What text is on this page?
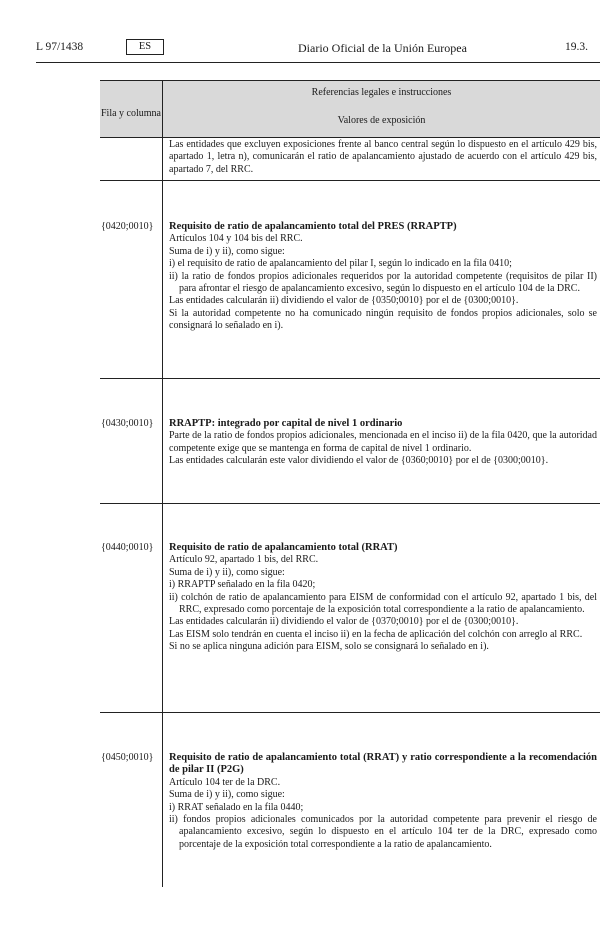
L 97/1438	ES	Diario Oficial de la Unión Europea	19.3.
Referencias legales e instrucciones
Fila y columna
Valores de exposición

Las entidades que excluyen exposiciones frente al banco central según lo dispuesto en el artículo 429 bis, apartado 1, letra n), comunicarán el ratio de apalancamiento ajustado de acuerdo con el artículo 429 bis, apartado 7, del RRC.

{0420;0010}	Requisito de ratio de apalancamiento total del PRES (RRAPTP)

Artículos 104 y 104 bis del RRC.

Suma de i) y ii), como sigue:

i) el requisito de ratio de apalancamiento del pilar I, según lo indicado en la fila 0410;

ii) la ratio de fondos propios adicionales requeridos por la autoridad competente (requisitos de pilar II) para afrontar el riesgo de apalancamiento excesivo, según lo dispuesto en el artículo 104 de la DRC.

Las entidades calcularán ii) dividiendo el valor de {0350;0010} por el de {0300;0010}.

Si la autoridad competente no ha comunicado ningún requisito de fondos propios adicionales, solo se consignará lo señalado en i).

{0430;0010}	RRAPTP: integrado por capital de nivel 1 ordinario

Parte de la ratio de fondos propios adicionales, mencionada en el inciso ii) de la fila 0420, que la autoridad competente exige que se mantenga en forma de capital de nivel 1 ordinario.

Las entidades calcularán este valor dividiendo el valor de {0360;0010} por el de {0300;0010}.

{0440;0010}	Requisito de ratio de apalancamiento total (RRAT)

Artículo 92, apartado 1 bis, del RRC.

Suma de i) y ii), como sigue:

i) RRAPTP señalado en la fila 0420;

ii) colchón de ratio de apalancamiento para EISM de conformidad con el artículo 92, apartado 1 bis, del RRC, expresado como porcentaje de la exposición total correspondiente a la ratio de apalancamiento.

Las entidades calcularán ii) dividiendo el valor de {0370;0010} por el de {0300;0010}.

Las EISM solo tendrán en cuenta el inciso ii) en la fecha de aplicación del colchón con arreglo al RRC.

Si no se aplica ninguna adición para EISM, solo se consignará lo señalado en i).

{0450;0010}	Requisito de ratio de apalancamiento total (RRAT) y ratio correspondiente a la recomendación de pilar II (P2G)

Artículo 104 ter de la DRC.

Suma de i) y ii), como sigue:

i) RRAT señalado en la fila 0440;

ii) fondos propios adicionales comunicados por la autoridad competente para prevenir el riesgo de apalancamiento excesivo, según lo dispuesto en el artículo 104 ter de la DRC, expresado como porcentaje de la exposición total correspondiente a la ratio de apalancamiento.
